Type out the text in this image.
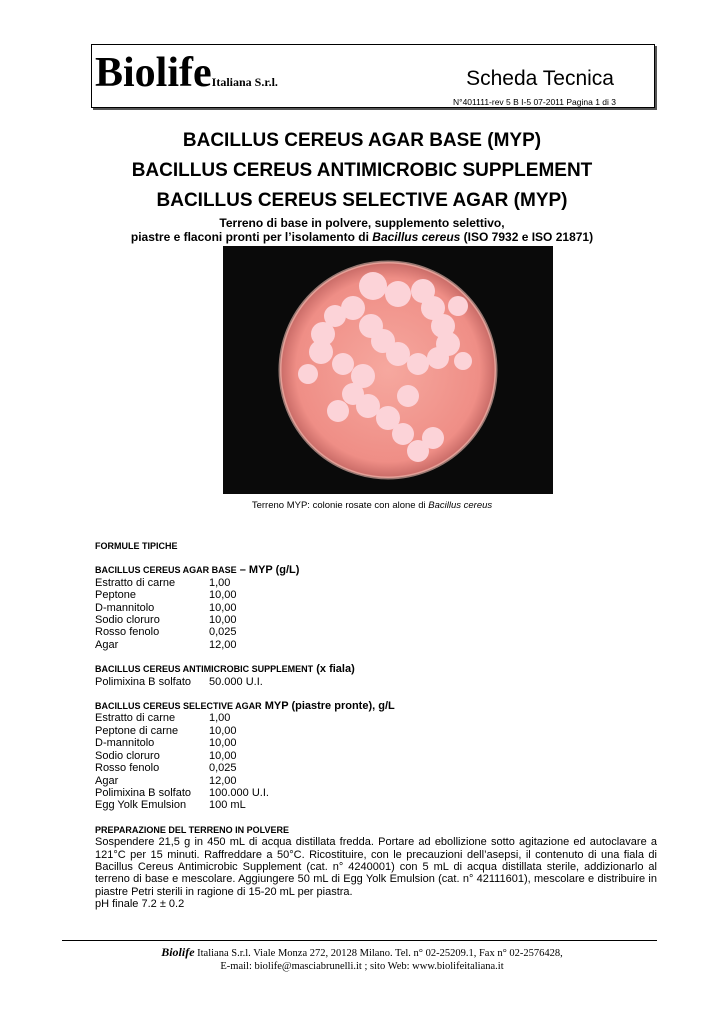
BiolifeItaliana S.r.l.	Scheda Tecnica
N°401111-rev 5 B I-5 07-2011 Pagina 1 di 3
BACILLUS CEREUS AGAR BASE (MYP)
BACILLUS CEREUS ANTIMICROBIC SUPPLEMENT
BACILLUS CEREUS SELECTIVE AGAR (MYP)
Terreno di base in polvere, supplemento selettivo,
piastre e flaconi pronti per l’isolamento di Bacillus cereus (ISO 7932 e ISO 21871)
Terreno MYP: colonie rosate con alone di Bacillus cereus
FORMULE TIPICHE
BACILLUS CEREUS AGAR BASE – MYP (g/L)
Estratto di carne	1,00
Peptone	10,00
D-mannitolo	10,00
Sodio cloruro	10,00
Rosso fenolo	0,025
Agar	12,00
BACILLUS CEREUS ANTIMICROBIC SUPPLEMENT (x fiala)
Polimixina B solfato	50.000 U.I.
BACILLUS CEREUS SELECTIVE AGAR MYP (piastre pronte), g/L
Estratto di carne	1,00
Peptone di carne	10,00
D-mannitolo	10,00
Sodio cloruro	10,00
Rosso fenolo	0,025
Agar	12,00
Polimixina B solfato	100.000 U.I.
Egg Yolk Emulsion	100 mL
PREPARAZIONE DEL TERRENO IN POLVERE
Sospendere 21,5 g in 450 mL di acqua distillata fredda. Portare ad ebollizione sotto agitazione ed autoclavare a 121°C per 15 minuti. Raffreddare a 50°C. Ricostituire, con le precauzioni dell’asepsi, il contenuto di una fiala di Bacillus Cereus Antimicrobic Supplement (cat. n° 4240001) con 5 mL di acqua distillata sterile, addizionarlo al terreno di base e mescolare. Aggiungere 50 mL di Egg Yolk Emulsion (cat. n° 42111601), mescolare e distribuire in piastre Petri sterili in ragione di 15-20 mL per piastra.
pH finale 7.2 ± 0.2
Biolife Italiana S.r.l. Viale Monza 272, 20128 Milano. Tel. n° 02-25209.1, Fax n° 02-2576428,
E-mail: biolife@masciabrunelli.it ; sito Web: www.biolifeitaliana.it
